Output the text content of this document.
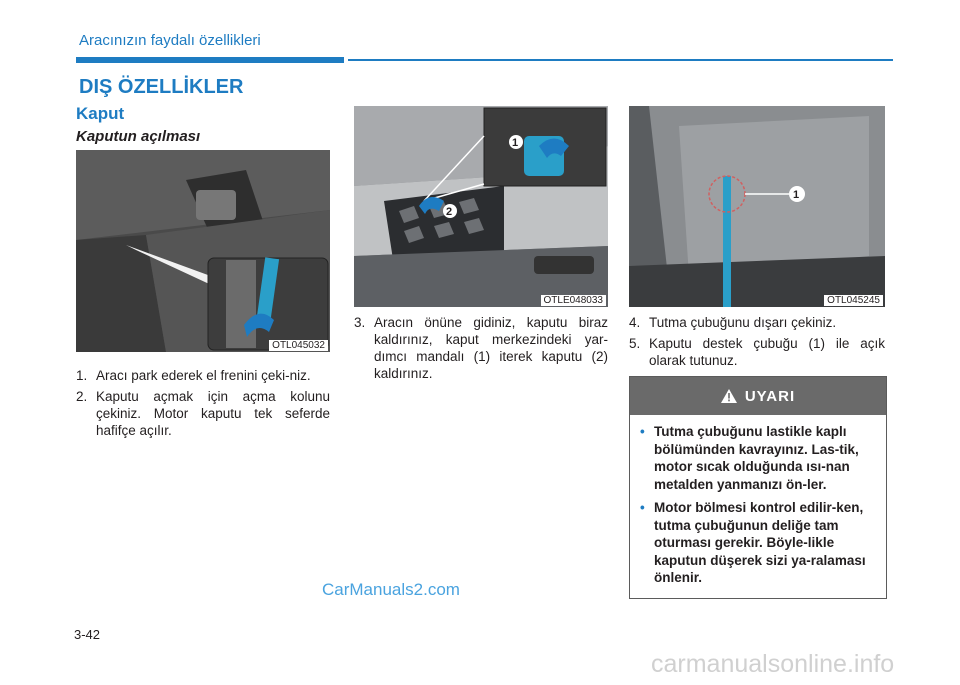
Aracınızın faydalı özellikleri
DIŞ ÖZELLİKLER
Kaput
Kaputun açılması
OTL045032
1
2
OTLE048033
1
OTL045245
1. Aracı park ederek el frenini çeki-niz.
2. Kaputu açmak için açma kolunu çekiniz. Motor kaputu tek seferde hafifçe açılır.
3. Aracın önüne gidiniz, kaputu biraz kaldırınız, kaput merkezindeki yar-dımcı mandalı (1) iterek kaputu (2) kaldırınız.
4. Tutma çubuğunu dışarı çekiniz.
5. Kaputu destek çubuğu (1) ile açık olarak tutunuz.
UYARI
• Tutma çubuğunu lastikle kaplı bölümünden kavrayınız. Las-tik, motor sıcak olduğunda ısı-nan metalden yanmanızı ön-ler.
• Motor bölmesi kontrol edilir-ken, tutma çubuğunun deliğe tam oturması gerekir. Böyle-likle kaputun düşerek sizi ya-ralaması önlenir.
CarManuals2.com
3-42
carmanualsonline.info
